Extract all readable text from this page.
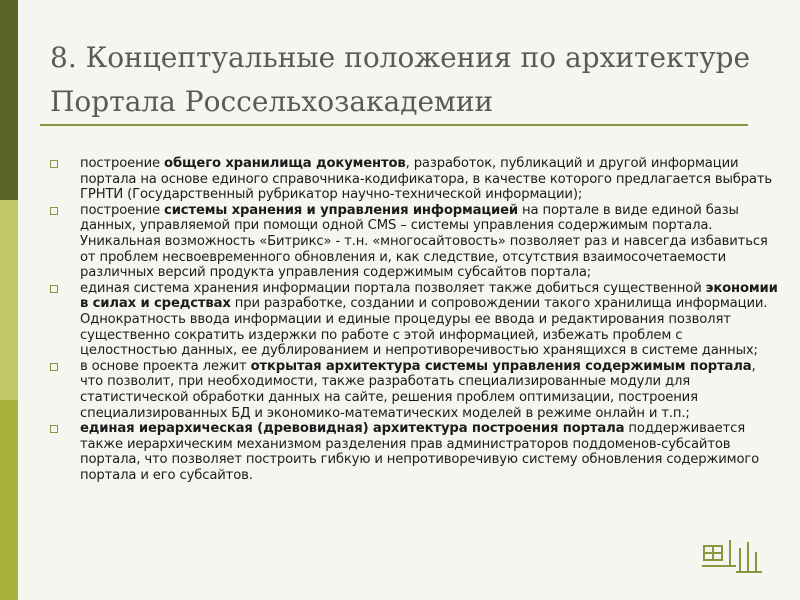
8. Концептуальные положения по архитектуре
Портала Россельхозакадемии
построение общего хранилища документов, разработок, публикаций и другой информации портала на основе единого справочника-кодификатора, в качестве которого предлагается выбрать ГРНТИ (Государственный рубрикатор научно-технической информации);
построение системы хранения и управления информацией на портале в виде единой базы данных, управляемой при помощи одной CMS – системы управления содержимым портала. Уникальная возможность «Битрикс» - т.н. «многосайтовость» позволяет раз и навсегда избавиться от проблем несвоевременного обновления и, как следствие, отсутствия взаимосочетаемости различных версий продукта управления содержимым субсайтов портала;
единая система хранения информации портала позволяет также добиться существенной экономии в силах и средствах при разработке, создании и сопровождении такого хранилища информации. Однократность ввода информации и единые процедуры ее ввода и редактирования позволят существенно сократить издержки по работе с этой информацией, избежать проблем с целостностью данных, ее дублированием и непротиворечивостью хранящихся в системе данных;
в основе проекта лежит открытая архитектура системы управления содержимым портала, что позволит, при необходимости, также разработать специализированные модули для статистической обработки данных на сайте, решения проблем оптимизации, построения специализированных БД и экономико-математических моделей в режиме онлайн и т.п.;
единая иерархическая (древовидная) архитектура построения портала поддерживается также иерархическим механизмом разделения прав администраторов поддоменов-субсайтов портала, что позволяет построить гибкую и непротиворечивую систему обновления содержимого портала и его субсайтов.
